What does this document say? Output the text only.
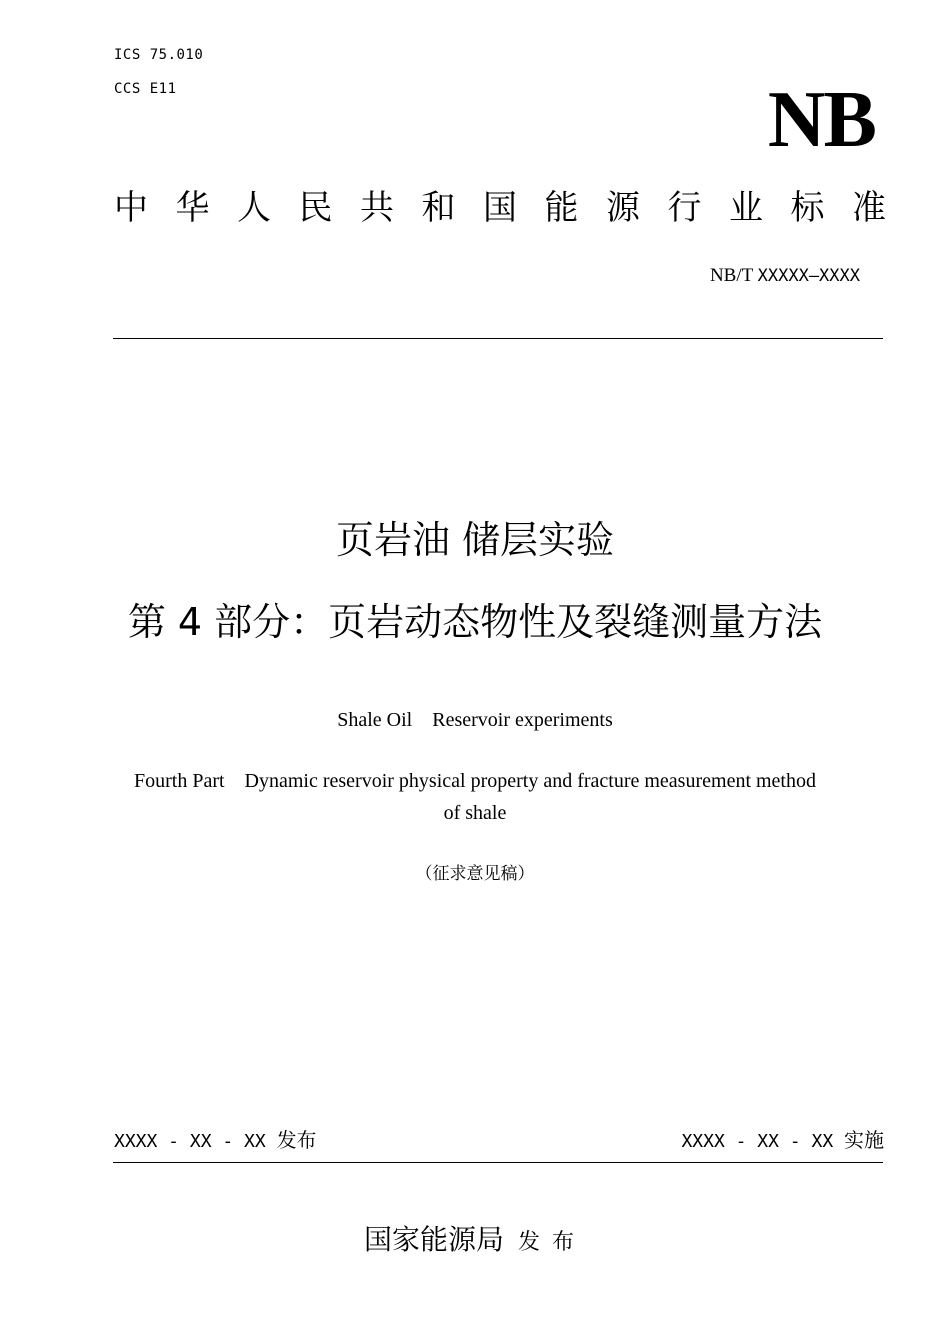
ICS 75.010
CCS E11	NB
中 华 人 民 共 和 国 能 源 行 业 标 准
NB/T XXXXX—XXXX
页岩油 储层实验
第 4 部分：页岩动态物性及裂缝测量方法
Shale Oil    Reservoir experiments
Fourth Part    Dynamic reservoir physical property and fracture measurement method
of shale
（征求意见稿）
XXXX - XX - XX 发布	XXXX - XX - XX 实施
国家能源局 发布
